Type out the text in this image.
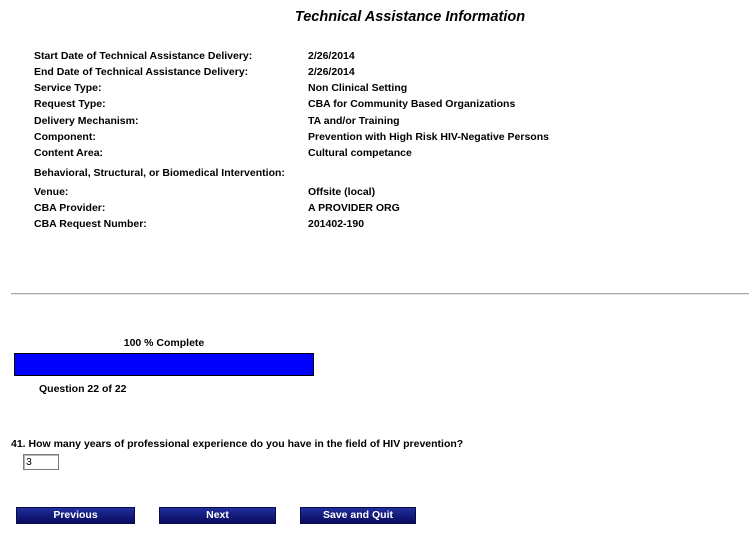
Technical Assistance Information
Start Date of Technical Assistance Delivery:	2/26/2014
End Date of Technical Assistance Delivery:	2/26/2014
Service Type:	Non Clinical Setting
Request Type:	CBA for Community Based Organizations
Delivery Mechanism:	TA and/or Training
Component:	Prevention with High Risk HIV-Negative Persons
Content Area:	Cultural competance
Behavioral, Structural, or Biomedical Intervention:
Venue:	Offsite (local)
CBA Provider:	A PROVIDER ORG
CBA Request Number:	201402-190
100 % Complete
Question 22 of 22
41. How many years of professional experience do you have in the field of HIV prevention?
3
Previous	Next	Save and Quit
